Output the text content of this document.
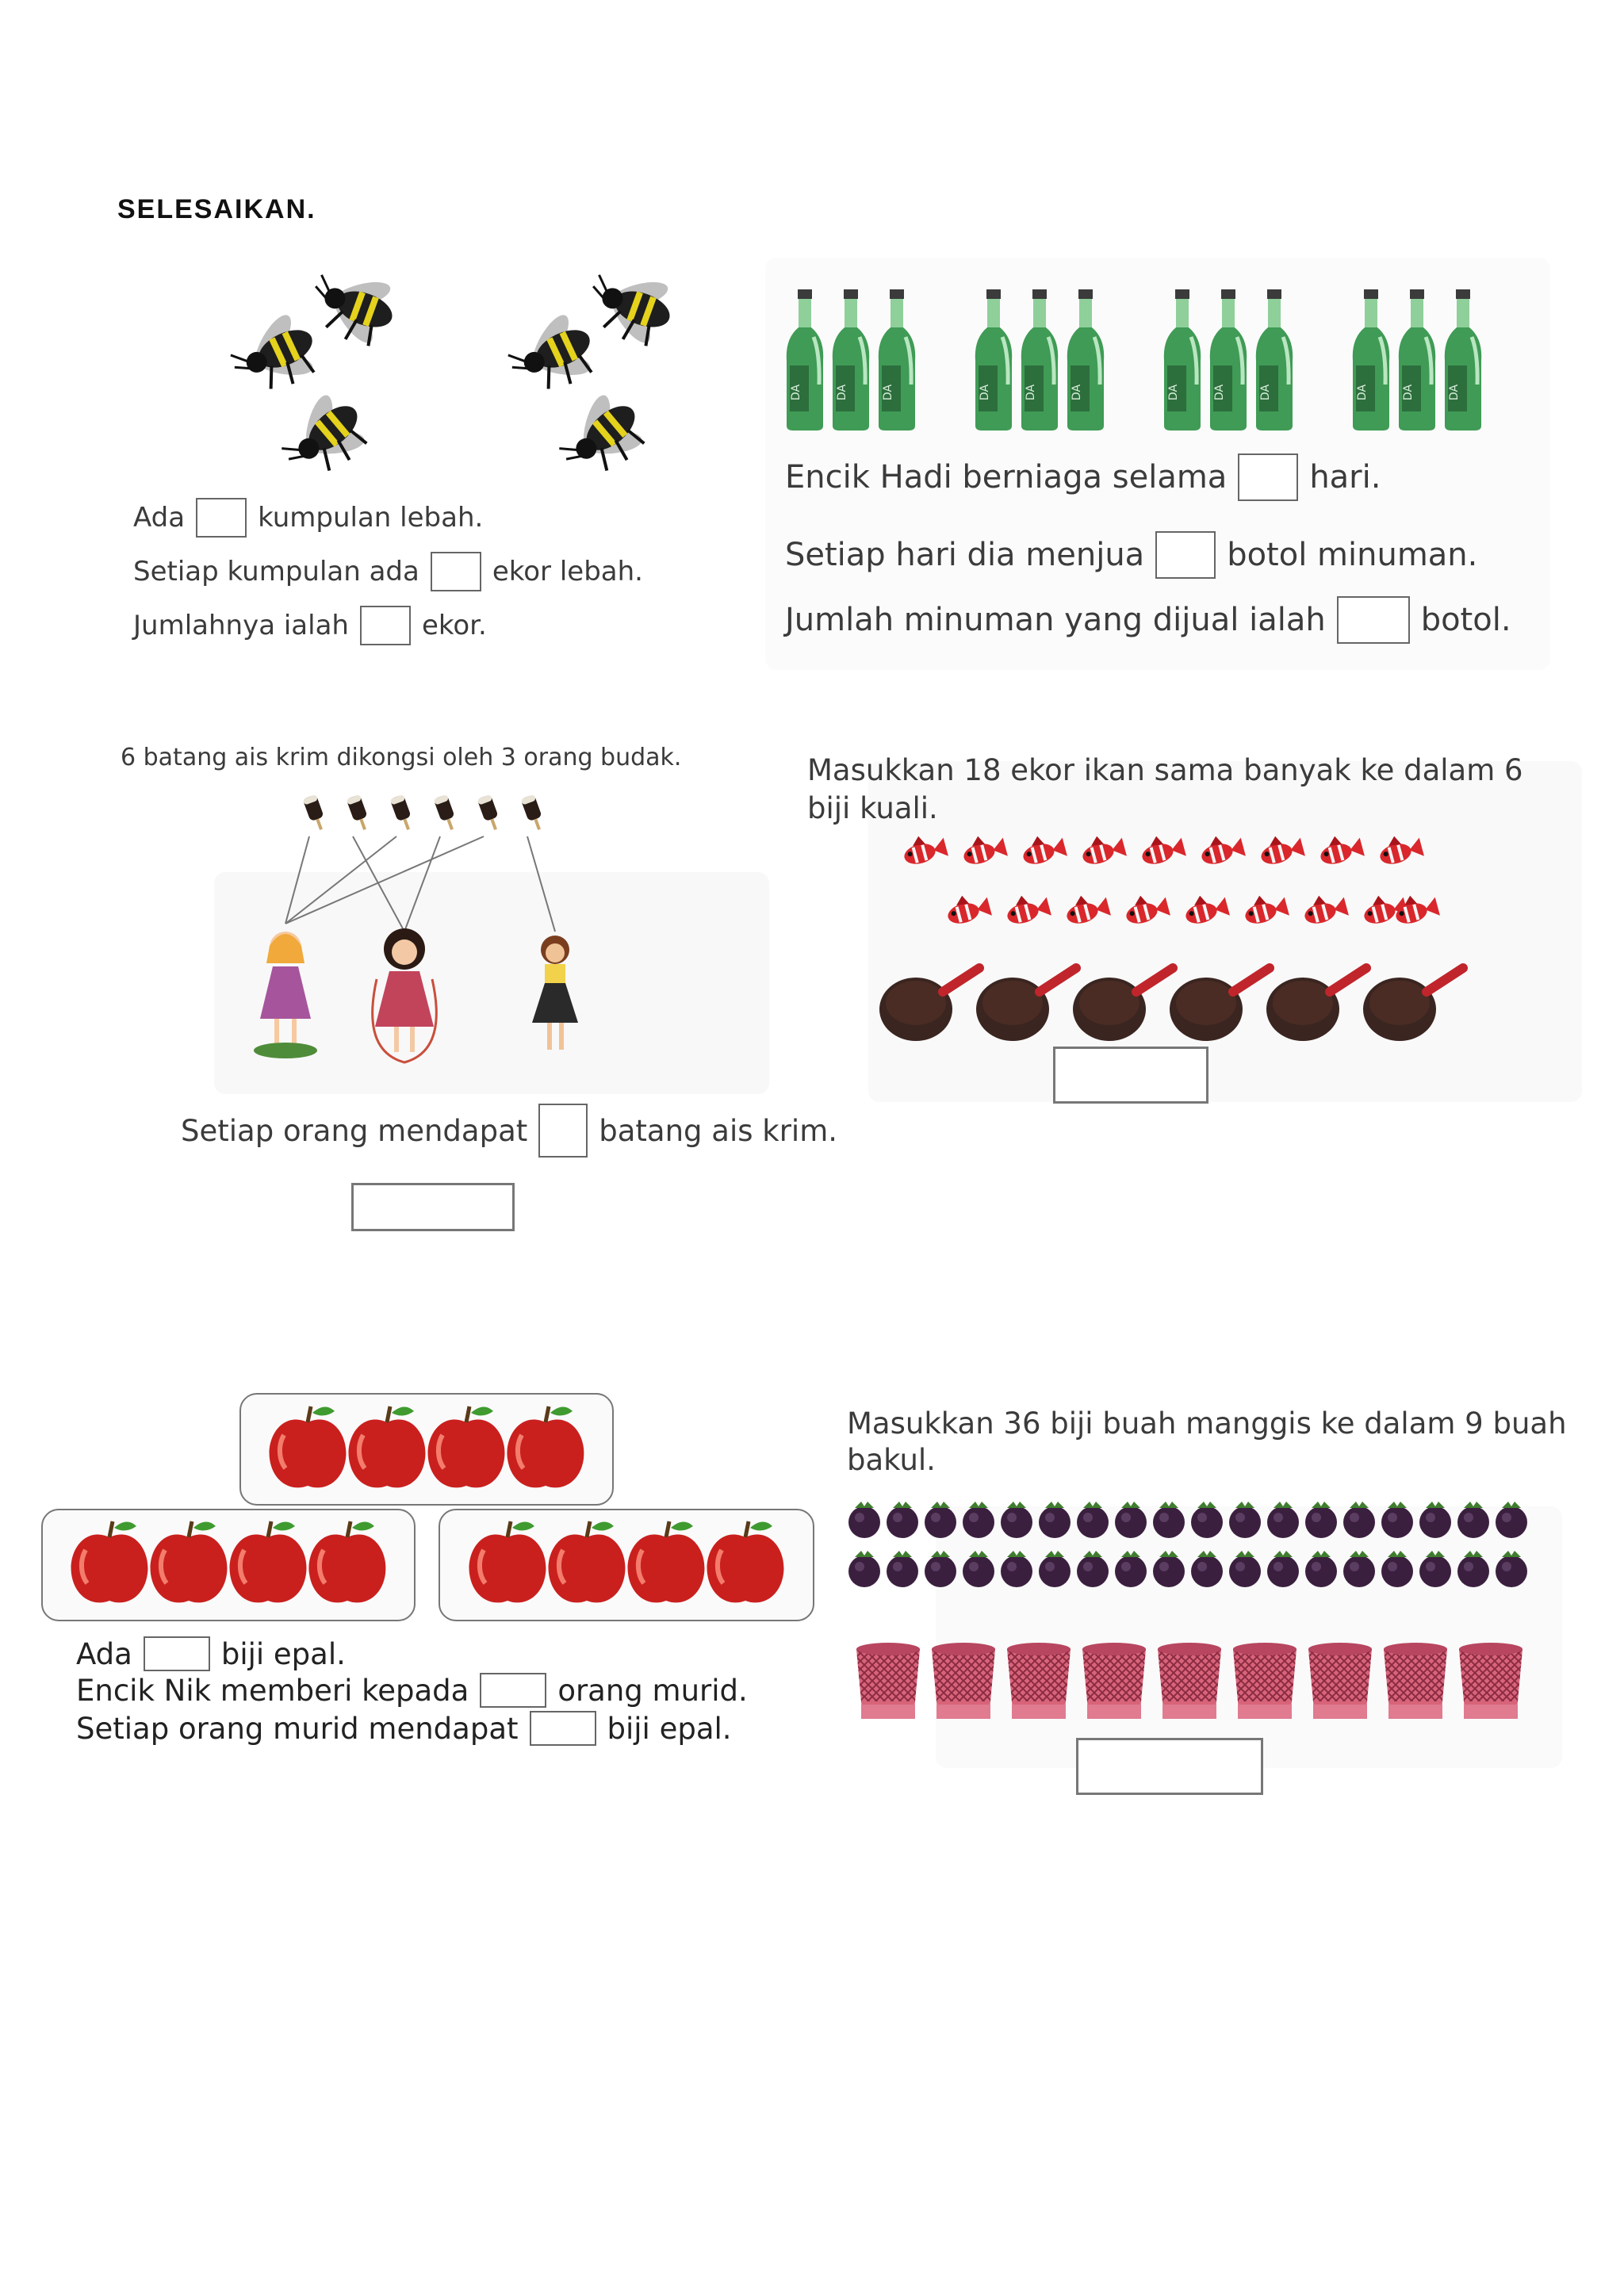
SELESAIKAN.
Ada	kumpulan lebah.
Setiap kumpulan ada	ekor lebah.
Jumlahnya ialah	ekor.
DA	DA	DA	DA	DA	DA	DA	DA	DA	DA	DA	DA
Encik Hadi berniaga selama	hari.
Setiap hari dia menjua	botol minuman.
Jumlah minuman yang dijual ialah	botol.
6 batang ais krim dikongsi oleh 3 orang budak.
Setiap orang mendapat batang ais krim.
Masukkan 18 ekor ikan sama banyak ke dalam 6
biji kuali.
Ada	biji epal.
Encik Nik memberi kepada	orang murid.
Setiap orang murid mendapat	biji epal.
Masukkan 36 biji buah manggis ke dalam 9 buah
bakul.
